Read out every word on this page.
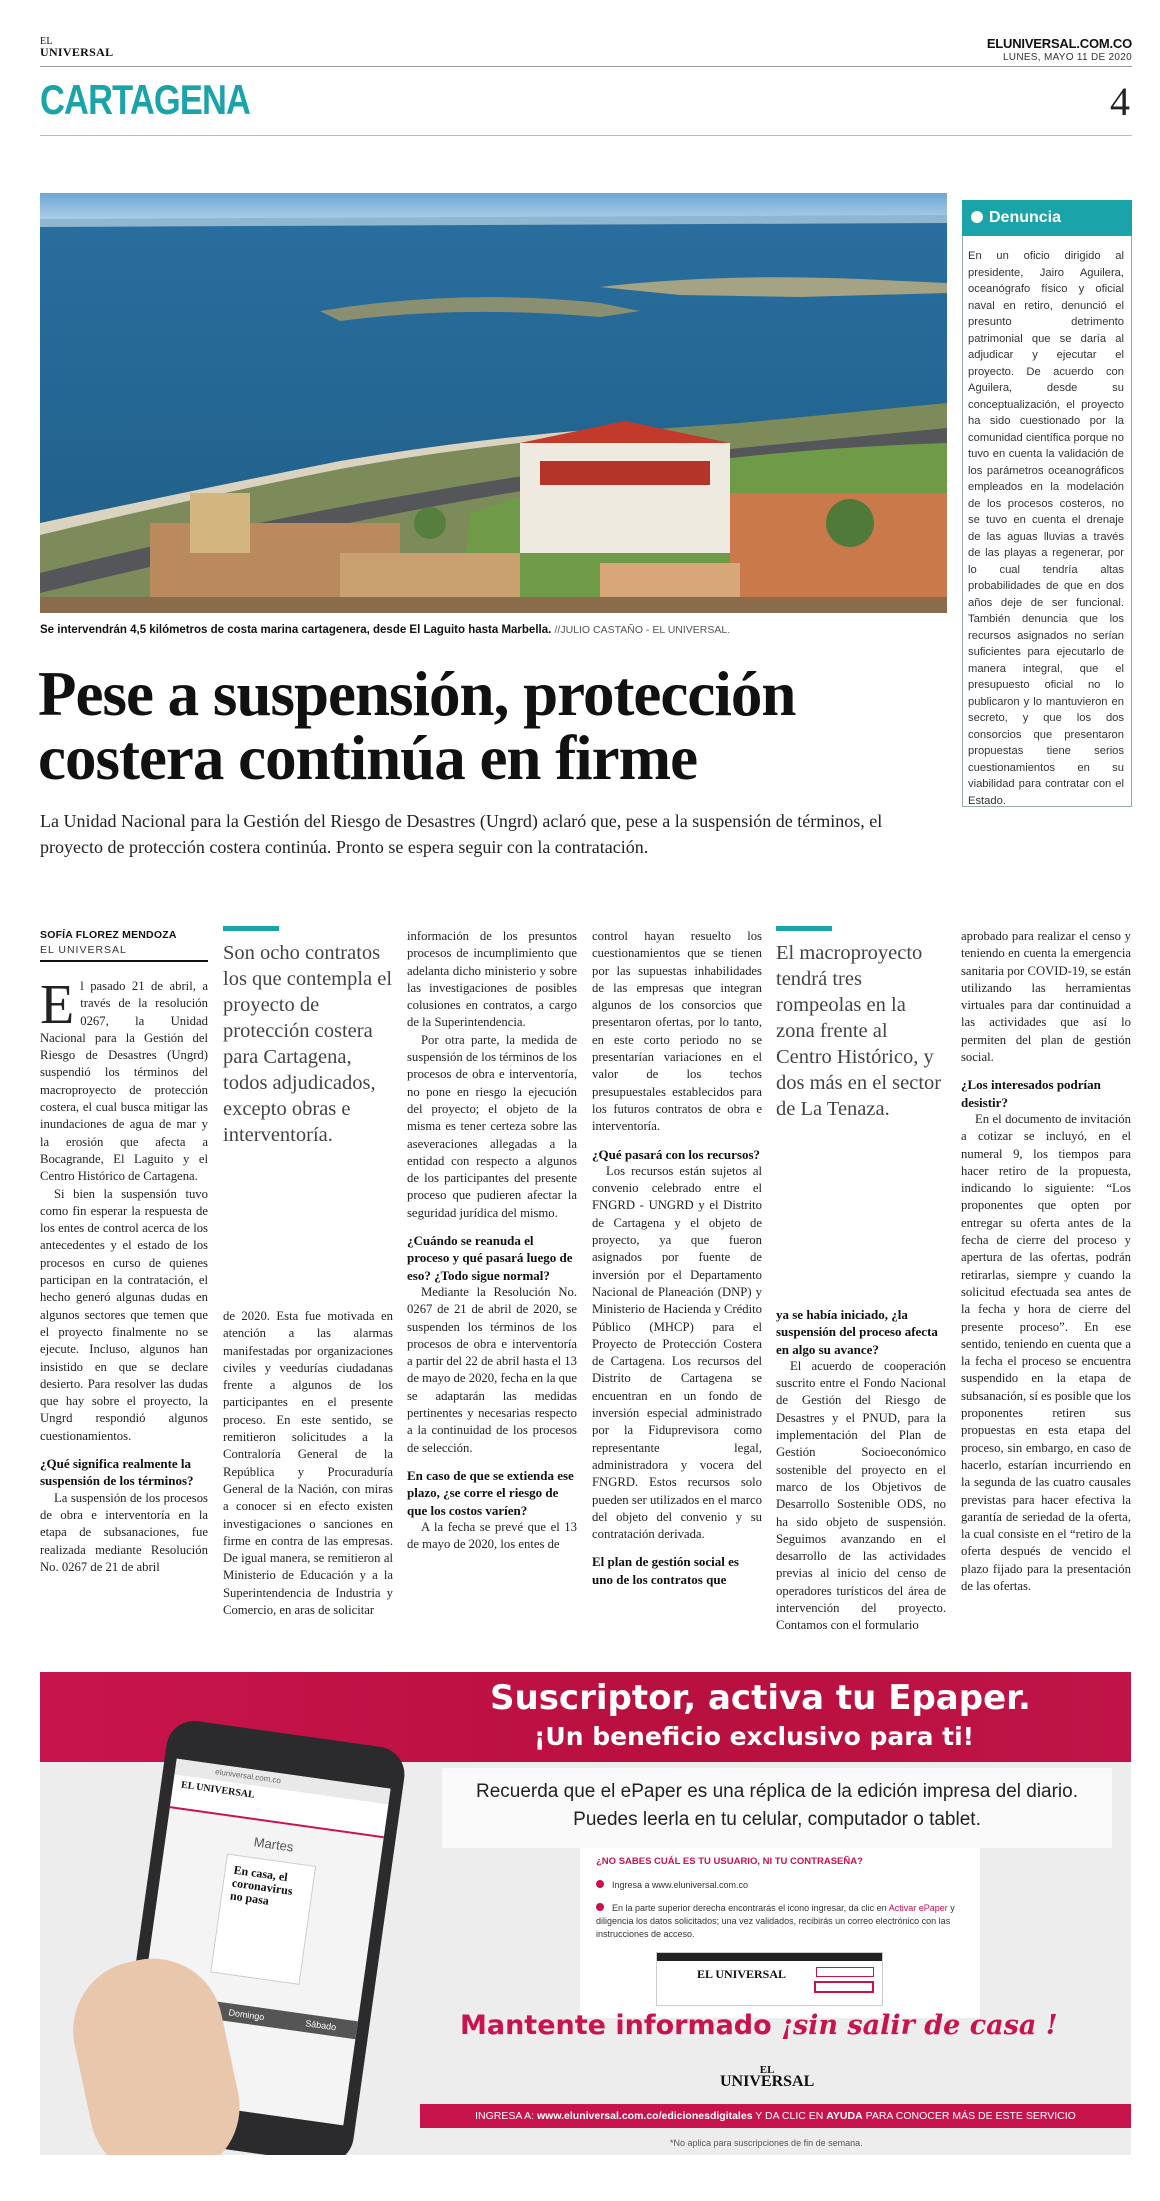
EL
UNIVERSAL
ELUNIVERSAL.COM.CO
LUNES, MAYO 11 DE 2020
CARTAGENA	4
Se intervendrán 4,5 kilómetros de costa marina cartagenera, desde El Laguito hasta Marbella. //JULIO CASTAÑO - EL UNIVERSAL.
Denuncia
En un oficio dirigido al presidente, Jairo Aguilera, oceanógrafo físico y oficial naval en retiro, denunció el presunto detrimento patrimonial que se daría al adjudicar y ejecutar el proyecto. De acuerdo con Aguilera, desde su conceptualización, el proyecto ha sido cuestionado por la comunidad científica porque no tuvo en cuenta la validación de los parámetros oceanográficos empleados en la modelación de los procesos costeros, no se tuvo en cuenta el drenaje de las aguas lluvias a través de las playas a regenerar, por lo cual tendría altas probabilidades de que en dos años deje de ser funcional. También denuncia que los recursos asignados no serían suficientes para ejecutarlo de manera integral, que el presupuesto oficial no lo publicaron y lo mantuvieron en secreto, y que los dos consorcios que presentaron propuestas tiene serios cuestionamientos en su viabilidad para contratar con el Estado.
Pese a suspensión, protección
costera continúa en firme
La Unidad Nacional para la Gestión del Riesgo de Desastres (Ungrd) aclaró que, pese a la suspensión de términos, el proyecto de protección costera continúa. Pronto se espera seguir con la contratación.
SOFÍA FLOREZ MENDOZA
EL UNIVERSAL

El pasado 21 de abril, a través de la resolución 0267, la Unidad Nacional para la Gestión del Riesgo de Desastres (Ungrd) suspendió los términos del macroproyecto de protección costera, el cual busca mitigar las inundaciones de agua de mar y la erosión que afecta a Bocagrande, El Laguito y el Centro Histórico de Cartagena.

Si bien la suspensión tuvo como fin esperar la respuesta de los entes de control acerca de los antecedentes y el estado de los procesos en curso de quienes participan en la contratación, el hecho generó algunas dudas en algunos sectores que temen que el proyecto finalmente no se ejecute. Incluso, algunos han insistido en que se declare desierto. Para resolver las dudas que hay sobre el proyecto, la Ungrd respondió algunos cuestionamientos.

¿Qué significa realmente la suspensión de los términos?

La suspensión de los procesos de obra e interventoría en la etapa de subsanaciones, fue realizada mediante Resolución No. 0267 de 21 de abril

Son ocho contratos los que contempla el proyecto de protección costera para Cartagena, todos adjudicados, excepto obras e interventoría.

de 2020. Esta fue motivada en atención a las alarmas manifestadas por organizaciones civiles y veedurías ciudadanas frente a algunos de los participantes en el presente proceso. En este sentido, se remitieron solicitudes a la Contraloría General de la República y Procuraduría General de la Nación, con miras a conocer si en efecto existen investigaciones o sanciones en firme en contra de las empresas. De igual manera, se remitieron al Ministerio de Educación y a la Superintendencia de Industria y Comercio, en aras de solicitar

información de los presuntos procesos de incumplimiento que adelanta dicho ministerio y sobre las investigaciones de posibles colusiones en contratos, a cargo de la Superintendencia.

Por otra parte, la medida de suspensión de los términos de los procesos de obra e interventoría, no pone en riesgo la ejecución del proyecto; el objeto de la misma es tener certeza sobre las aseveraciones allegadas a la entidad con respecto a algunos de los participantes del presente proceso que pudieren afectar la seguridad jurídica del mismo.

¿Cuándo se reanuda el proceso y qué pasará luego de eso? ¿Todo sigue normal?

Mediante la Resolución No. 0267 de 21 de abril de 2020, se suspenden los términos de los procesos de obra e interventoría a partir del 22 de abril hasta el 13 de mayo de 2020, fecha en la que se adaptarán las medidas pertinentes y necesarias respecto a la continuidad de los procesos de selección.

En caso de que se extienda ese plazo, ¿se corre el riesgo de que los costos varíen?

A la fecha se prevé que el 13 de mayo de 2020, los entes de

control hayan resuelto los cuestionamientos que se tienen por las supuestas inhabilidades de las empresas que integran algunos de los consorcios que presentaron ofertas, por lo tanto, en este corto periodo no se presentarían variaciones en el valor de los techos presupuestales establecidos para los futuros contratos de obra e interventoría.

¿Qué pasará con los recursos?

Los recursos están sujetos al convenio celebrado entre el FNGRD - UNGRD y el Distrito de Cartagena y el objeto de proyecto, ya que fueron asignados por fuente de inversión por el Departamento Nacional de Planeación (DNP) y Ministerio de Hacienda y Crédito Público (MHCP) para el Proyecto de Protección Costera de Cartagena. Los recursos del Distrito de Cartagena se encuentran en un fondo de inversión especial administrado por la Fiduprevisora como representante legal, administradora y vocera del FNGRD. Estos recursos solo pueden ser utilizados en el marco del objeto del convenio y su contratación derivada.

El plan de gestión social es uno de los contratos que
El macroproyecto tendrá tres rompeolas en la zona frente al Centro Histórico, y dos más en el sector de La Tenaza.
ya se había iniciado, ¿la suspensión del proceso afecta en algo su avance?

El acuerdo de cooperación suscrito entre el Fondo Nacional de Gestión del Riesgo de Desastres y el PNUD, para la implementación del Plan de Gestión Socioeconómico sostenible del proyecto en el marco de los Objetivos de Desarrollo Sostenible ODS, no ha sido objeto de suspensión. Seguimos avanzando en el desarrollo de las actividades previas al inicio del censo de operadores turísticos del área de intervención del proyecto. Contamos con el formulario

aprobado para realizar el censo y teniendo en cuenta la emergencia sanitaria por COVID-19, se están utilizando las herramientas virtuales para dar continuidad a las actividades que así lo permiten del plan de gestión social.

¿Los interesados podrían desistir?

En el documento de invitación a cotizar se incluyó, en el numeral 9, los tiempos para hacer retiro de la propuesta, indicando lo siguiente: “Los proponentes que opten por entregar su oferta antes de la fecha de cierre del proceso y apertura de las ofertas, podrán retirarlas, siempre y cuando la solicitud efectuada sea antes de la fecha y hora de cierre del presente proceso”. En ese sentido, teniendo en cuenta que a la fecha el proceso se encuentra suspendido en la etapa de subsanación, sí es posible que los proponentes retiren sus propuestas en esta etapa del proceso, sin embargo, en caso de hacerlo, estarían incurriendo en la segunda de las cuatro causales previstas para hacer efectiva la garantía de seriedad de la oferta, la cual consiste en el “retiro de la oferta después de vencido el plazo fijado para la presentación de las ofertas.

Suscriptor, activa tu Epaper.
¡Un beneficio exclusivo para ti!
eluniversal.com.co
EL UNIVERSAL
Martes
En casa, el coronavirus no pasa
Domingo
Sábado
Recuerda que el ePaper es una réplica de la edición impresa del diario. Puedes leerla en tu celular, computador o tablet.
¿NO SABES CUÁL ES TU USUARIO, NI TU CONTRASEÑA?
Ingresa a www.eluniversal.com.co
En la parte superior derecha encontrarás el icono ingresar, da clic en Activar ePaper y diligencia los datos solicitados; una vez validados, recibirás un correo electrónico con las instrucciones de acceso.
EL UNIVERSAL
Mantente informado ¡sin salir de casa !
EL
UNIVERSAL
INGRESA A: www.eluniversal.com.co/edicionesdigitales Y DA CLIC EN AYUDA PARA CONOCER MÁS DE ESTE SERVICIO
*No aplica para suscripciones de fin de semana.
